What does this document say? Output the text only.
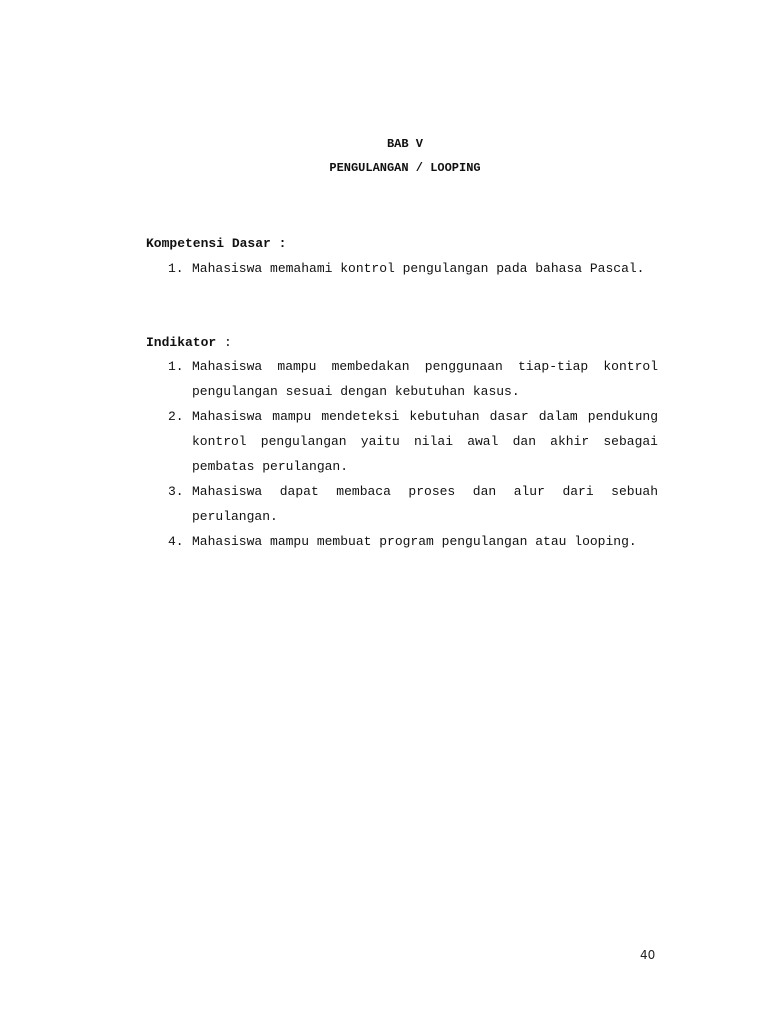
BAB V
PENGULANGAN / LOOPING
Kompetensi Dasar :
1. Mahasiswa memahami kontrol pengulangan pada bahasa Pascal.
Indikator :
1. Mahasiswa mampu membedakan penggunaan tiap-tiap kontrol pengulangan sesuai dengan kebutuhan kasus.
2. Mahasiswa mampu mendeteksi kebutuhan dasar dalam pendukung kontrol pengulangan yaitu nilai awal dan akhir sebagai pembatas perulangan.
3. Mahasiswa dapat membaca proses dan alur dari sebuah perulangan.
4. Mahasiswa mampu membuat program pengulangan atau looping.
40
